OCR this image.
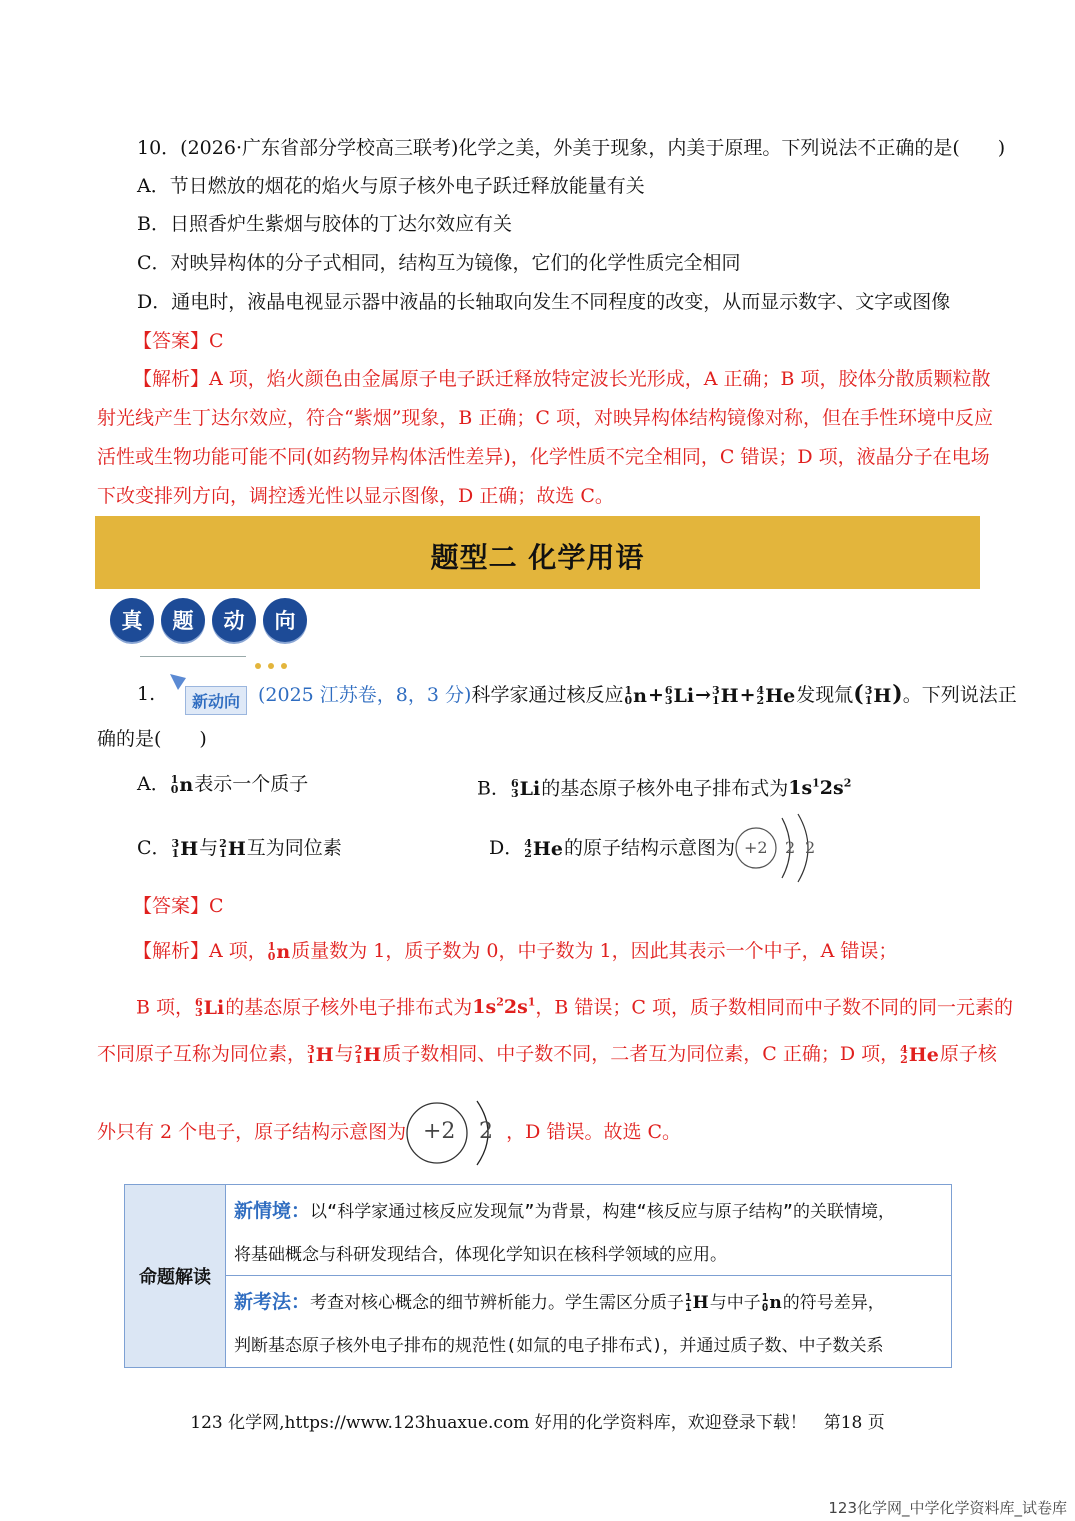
10．(2026·广东省部分学校高三联考)化学之美，外美于现象，内美于原理。下列说法不正确的是(　　)
A．节日燃放的烟花的焰火与原子核外电子跃迁释放能量有关
B．日照香炉生紫烟与胶体的丁达尔效应有关
C．对映异构体的分子式相同，结构互为镜像，它们的化学性质完全相同
D．通电时，液晶电视显示器中液晶的长轴取向发生不同程度的改变，从而显示数字、文字或图像
【答案】C
【解析】A 项，焰火颜色由金属原子电子跃迁释放特定波长光形成，A 正确；B 项，胶体分散质颗粒散
射光线产生丁达尔效应，符合“紫烟”现象，B 正确；C 项，对映异构体结构镜像对称，但在手性环境中反应
活性或生物功能可能不同(如药物异构体活性差异)，化学性质不完全相同，C 错误；D 项，液晶分子在电场
下改变排列方向，调控透光性以显示图像，D 正确；故选 C。
题型二 化学用语
真	题	动	向
1.	新动向 (2025 江苏卷，8，3 分)科学家通过核反应 1
0 n + 6
3 Li → 3
1 H + 4
2 He 发现氚( 3
1 H )。下列说法正
确的是(　　)
A． 1
0 n 表示一个质子	B． 6
3 Li 的基态原子核外电子排布式为$1s^12s^2$
C． 3
1 H 与 2
1 H 互为同位素	D． 4
2 He 的原子结构示意图为 +2 2 2
【答案】C
【解析】A 项， 1
0 n 质量数为 1，质子数为 0，中子数为 1，因此其表示一个中子，A 错误；
B 项， 6
3 Li 的基态原子核外电子排布式为$1s^22s^1$，B 错误；C 项，质子数相同而中子数不同的同一元素的
不同原子互称为同位素， 3
1 H 与 2
1 H 质子数相同、中子数不同，二者互为同位素，C 正确；D 项， 4
2 He 原子核
外只有 2 个电子，原子结构示意图为	，D 错误。故选 C。
+2 2
命题解读
新情境：以“科学家通过核反应发现氚”为背景，构建“核反应与原子结构”的关联情境，
将基础概念与科研发现结合，体现化学知识在核科学领域的应用。
新考法：考查对核心概念的细节辨析能力。学生需区分质子 1
1 H 与中子 1
0 n 的符号差异，
判断基态原子核外电子排布的规范性(如氚的电子排布式)，并通过质子数、中子数关系
123 化学网,https://www.123huaxue.com 好用的化学资料库，欢迎登录下载！　第18 页
123化学网_中学化学资料库_试卷库
